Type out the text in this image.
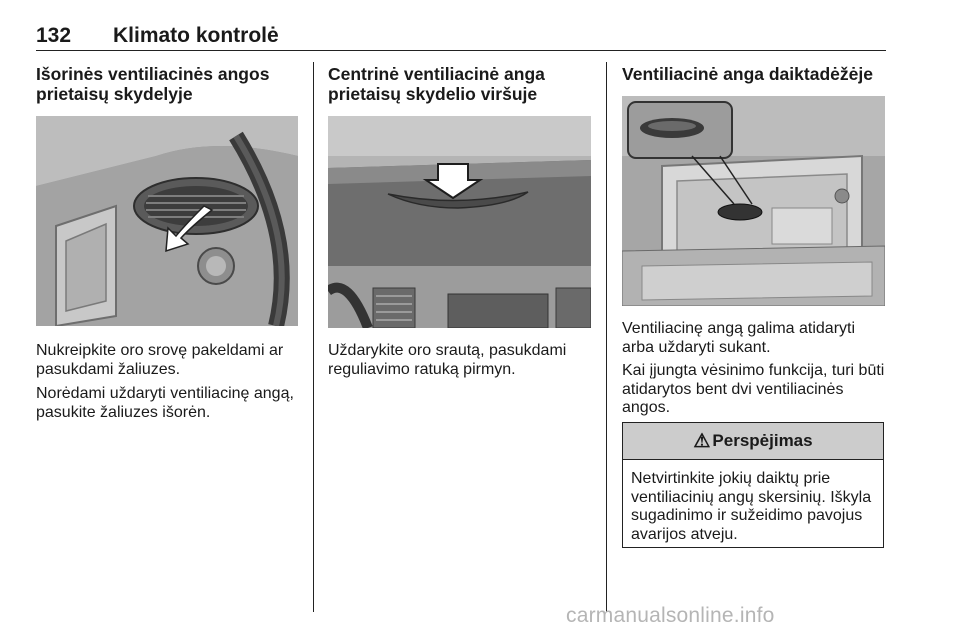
132 Klimato kontrolė
Išorinės ventiliacinės angos prietaisų skydelyje

Nukreipkite oro srovę pakeldami ar pasukdami žaliuzes.

Norėdami uždaryti ventiliacinę angą, pasukite žaliuzes išorėn.

Centrinė ventiliacinė anga prietaisų skydelio viršuje

Uždarykite oro srautą, pasukdami reguliavimo ratuką pirmyn.

Ventiliacinė anga daiktadėžėje

Ventiliacinę angą galima atidaryti arba uždaryti sukant.

Kai įjungta vėsinimo funkcija, turi būti atidarytos bent dvi ventiliacinės angos.

⚠ Perspėjimas
Netvirtinkite jokių daiktų prie ventiliacinių angų skersinių. Iškyla sugadinimo ir sužeidimo pavojus avarijos atveju.
carmanualsonline.info
